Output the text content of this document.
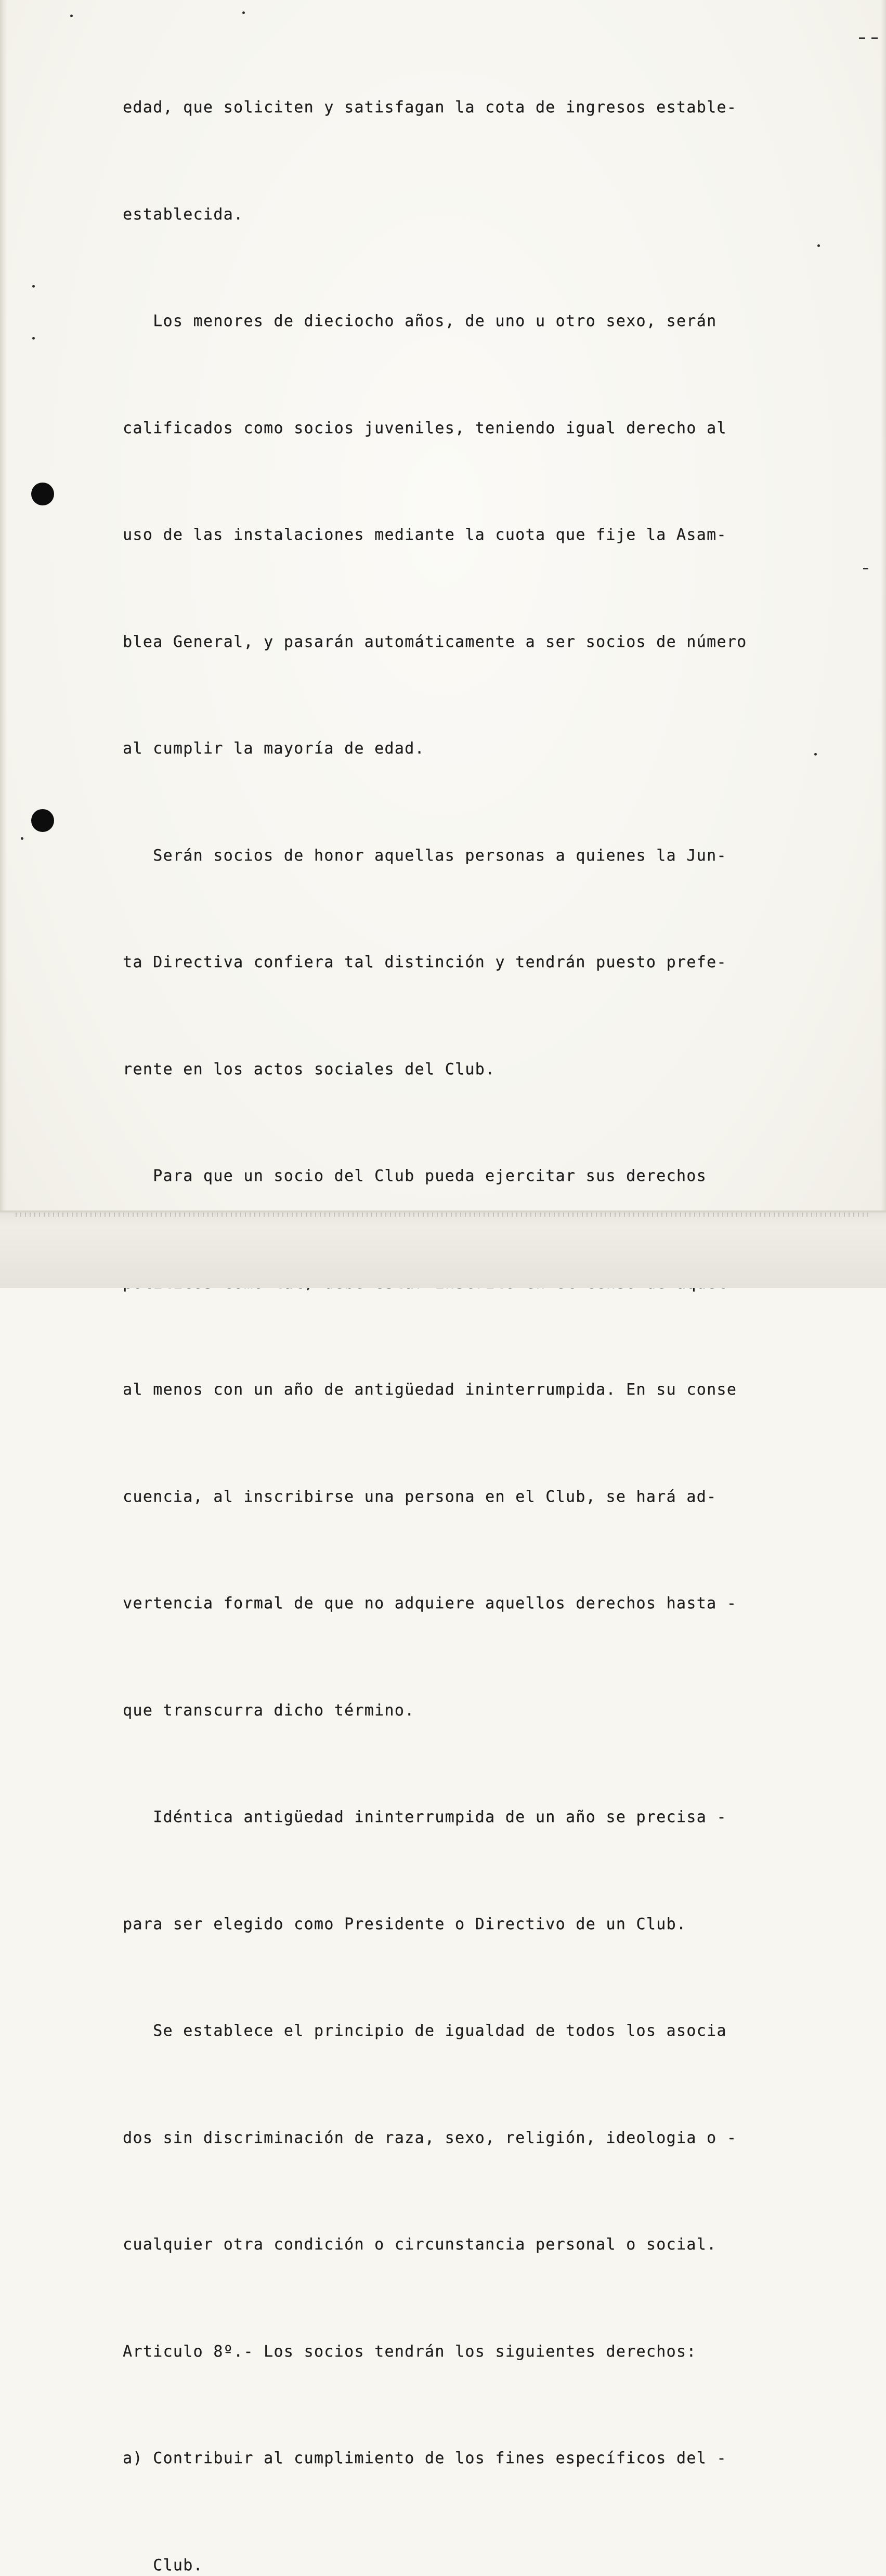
edad, que soliciten y satisfagan la cota de ingresos estable-

establecida.

Los menores de dieciocho años, de uno u otro sexo, serán

calificados como socios juveniles, teniendo igual derecho al

uso de las instalaciones mediante la cuota que fije la Asam-

blea General, y pasarán automáticamente a ser socios de número

al cumplir la mayoría de edad.

Serán socios de honor aquellas personas a quienes la Jun-

ta Directiva confiera tal distinción y tendrán puesto prefe-

rente en los actos sociales del Club.

Para que un socio del Club pueda ejercitar sus derechos

al menos con un año de antigüedad ininterrumpida. En su conse

cuencia, al inscribirse una persona en el Club, se hará ad-

vertencia formal de que no adquiere aquellos derechos hasta -

que transcurra dicho término.

Idéntica antigüedad ininterrumpida de un año se precisa -

para ser elegido como Presidente o Directivo de un Club.

Se establece el principio de igualdad de todos los asocia

dos sin discriminación de raza, sexo, religión, ideologia o -

cualquier otra condición o circunstancia personal o social.

Articulo 8º.- Los socios tendrán los siguientes derechos:

a) Contribuir al cumplimiento de los fines específicos del -

Club.
